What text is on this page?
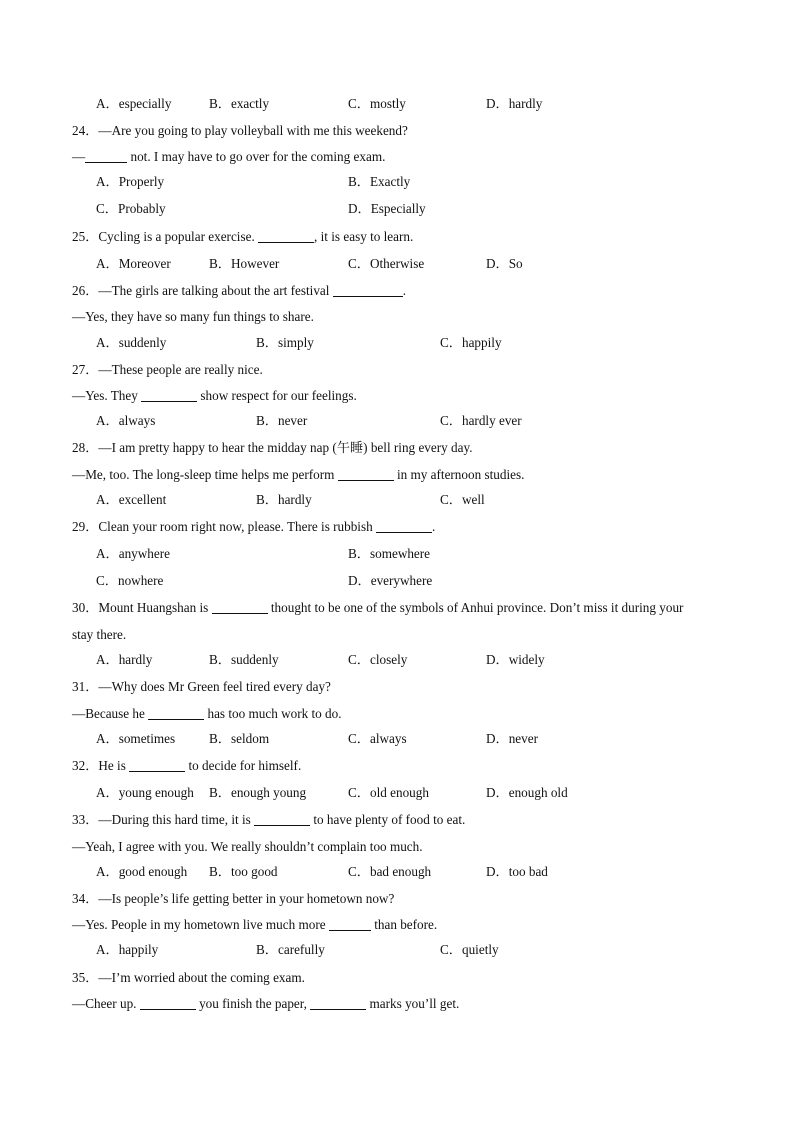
A．especially	B．exactly	C．mostly	D．hardly
24．—Are you going to play volleyball with me this weekend?
—	not. I may have to go over for the coming exam.
A．Properly	B．Exactly
C．Probably	D．Especially
25．Cycling is a popular exercise.	, it is easy to learn.
A．Moreover	B．However	C．Otherwise	D．So
26．—The girls are talking about the art festival	.
—Yes, they have so many fun things to share.
A．suddenly	B．simply	C．happily
27．—These people are really nice.
—Yes. They	show respect for our feelings.
A．always	B．never	C．hardly ever
28．—I am pretty happy to hear the midday nap (午睡) bell ring every day.
—Me, too. The long-sleep time helps me perform	in my afternoon studies.
A．excellent	B．hardly	C．well
29．Clean your room right now, please. There is rubbish	.
A．anywhere	B．somewhere
C．nowhere	D．everywhere
30．Mount Huangshan is	thought to be one of the symbols of Anhui province. Don’t miss it during your
stay there.
A．hardly	B．suddenly	C．closely	D．widely
31．—Why does Mr Green feel tired every day?
—Because he	has too much work to do.
A．sometimes	B．seldom	C．always	D．never
32．He is	to decide for himself.
A．young enough B．enough young	C．old enough	D．enough old
33．—During this hard time, it is	to have plenty of food to eat.
—Yeah, I agree with you. We really shouldn’t complain too much.
A．good enough B．too good	C．bad enough	D．too bad
34．—Is people’s life getting better in your hometown now?
—Yes. People in my hometown live much more	than before.
A．happily	B．carefully	C．quietly
35．—I’m worried about the coming exam.
—Cheer up.	you finish the paper,	marks you’ll get.
